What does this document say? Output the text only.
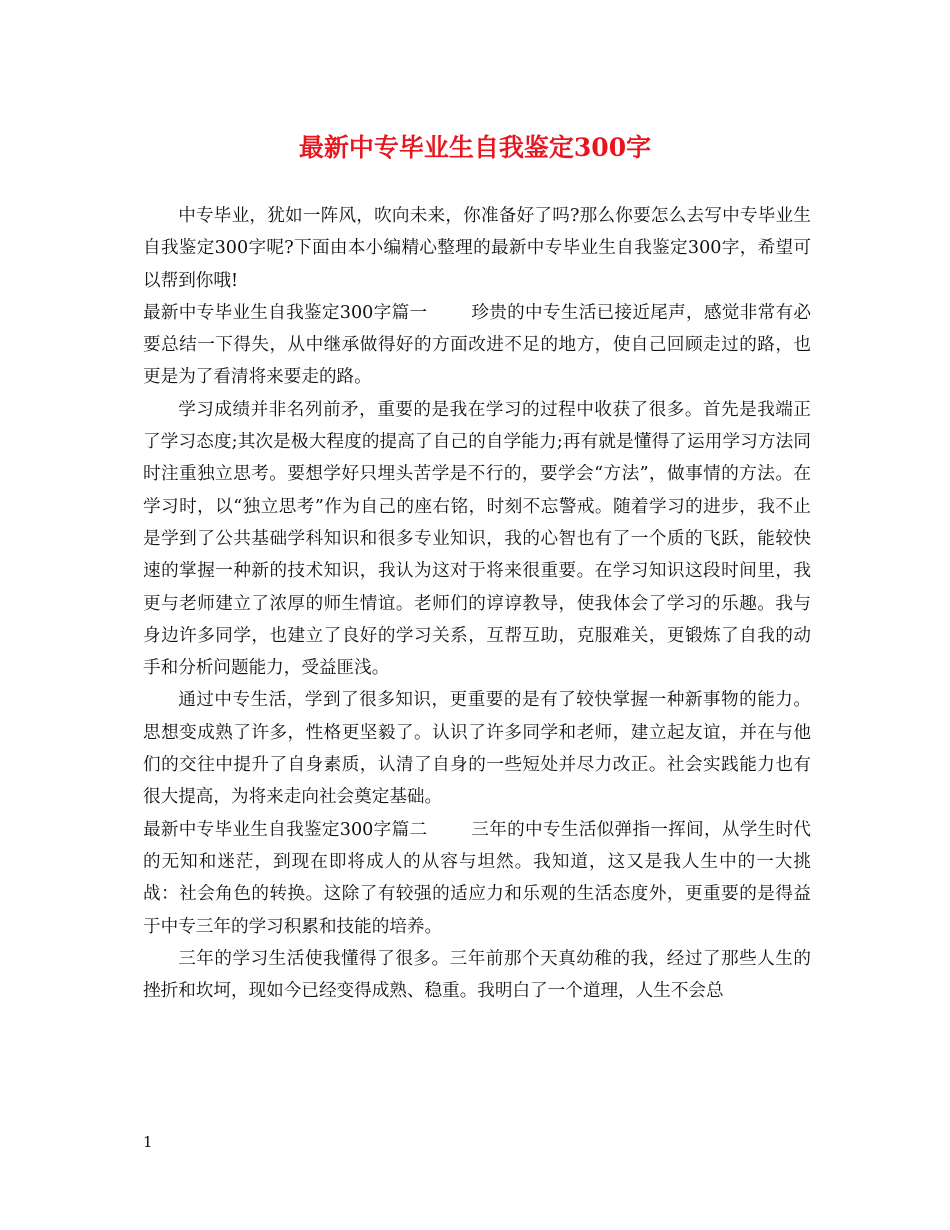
最新中专毕业生自我鉴定300字

中专毕业，犹如一阵风，吹向未来，你准备好了吗?那么你要怎么去写中专毕业生自我鉴定300字呢?下面由本小编精心整理的最新中专毕业生自我鉴定300字，希望可以帮到你哦!

最新中专毕业生自我鉴定300字篇一	珍贵的中专生活已接近尾声，感觉非常有必要总结一下得失，从中继承做得好的方面改进不足的地方，使自己回顾走过的路，也更是为了看清将来要走的路。

学习成绩并非名列前矛，重要的是我在学习的过程中收获了很多。首先是我端正了学习态度;其次是极大程度的提高了自己的自学能力;再有就是懂得了运用学习方法同时注重独立思考。要想学好只埋头苦学是不行的，要学会“方法”，做事情的方法。在学习时，以“独立思考”作为自己的座右铭，时刻不忘警戒。随着学习的进步，我不止是学到了公共基础学科知识和很多专业知识，我的心智也有了一个质的飞跃，能较快速的掌握一种新的技术知识，我认为这对于将来很重要。在学习知识这段时间里，我更与老师建立了浓厚的师生情谊。老师们的谆谆教导，使我体会了学习的乐趣。我与身边许多同学，也建立了良好的学习关系，互帮互助，克服难关，更锻炼了自我的动手和分析问题能力，受益匪浅。

通过中专生活，学到了很多知识，更重要的是有了较快掌握一种新事物的能力。思想变成熟了许多，性格更坚毅了。认识了许多同学和老师，建立起友谊，并在与他们的交往中提升了自身素质，认清了自身的一些短处并尽力改正。社会实践能力也有很大提高，为将来走向社会奠定基础。

最新中专毕业生自我鉴定300字篇二	三年的中专生活似弹指一挥间，从学生时代的无知和迷茫，到现在即将成人的从容与坦然。我知道，这又是我人生中的一大挑战：社会角色的转换。这除了有较强的适应力和乐观的生活态度外，更重要的是得益于中专三年的学习积累和技能的培养。

三年的学习生活使我懂得了很多。三年前那个天真幼稚的我，经过了那些人生的挫折和坎坷，现如今已经变得成熟、稳重。我明白了一个道理，人生不会总

1
